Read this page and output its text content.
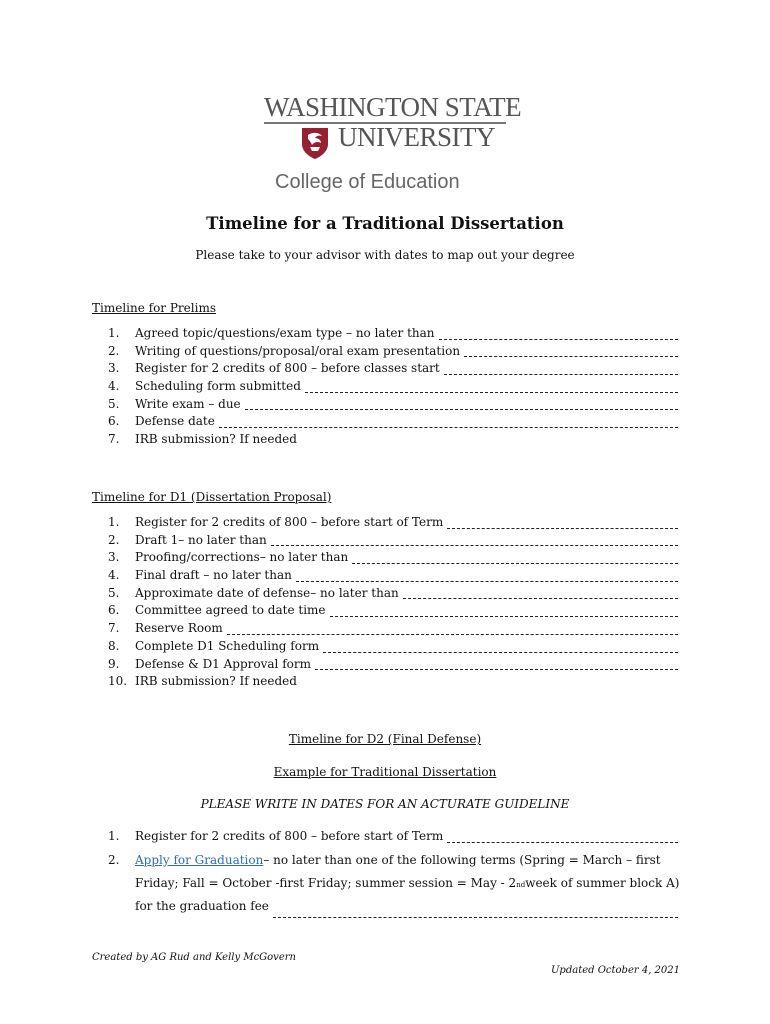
WASHINGTON STATE
UNIVERSITY
College of Education
Timeline for a Traditional Dissertation

Please take to your advisor with dates to map out your degree

Timeline for Prelims

1.	Agreed topic/questions/exam type – no later than
2.	Writing of questions/proposal/oral exam presentation
3.	Register for 2 credits of 800 – before classes start
4.	Scheduling form submitted
5.	Write exam – due
6.	Defense date
7.	IRB submission? If needed

Timeline for D1 (Dissertation Proposal)

1.	Register for 2 credits of 800 – before start of Term
2.	Draft 1– no later than
3.	Proofing/corrections– no later than
4.	Final draft – no later than
5.	Approximate date of defense– no later than
6.	Committee agreed to date time
7.	Reserve Room
8.	Complete D1 Scheduling form
9.	Defense & D1 Approval form
10. IRB submission? If needed

Timeline for D2 (Final Defense)

Example for Traditional Dissertation

PLEASE WRITE IN DATES FOR AN ACTURATE GUIDELINE

1.	Register for 2 credits of 800 – before start of Term
2.	Apply for Graduation – no later than one of the following terms (Spring = March – first
Friday; Fall = October -first Friday; summer session = May - 2 nd week of summer block A)
for the graduation fee

Created by AG Rud and Kelly McGovern

Updated October 4, 2021
